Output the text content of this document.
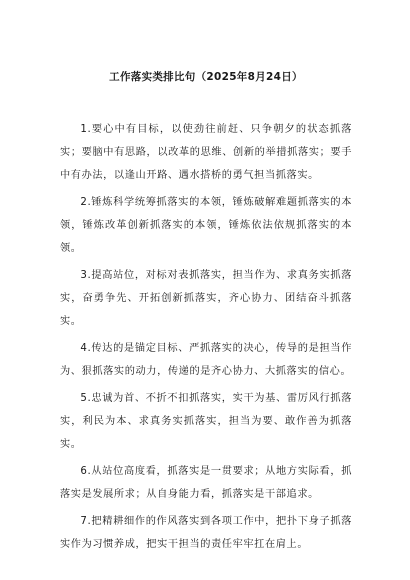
工作落实类排比句（2025年8月24日）

1.要心中有目标，以使劲往前赶、只争朝夕的状态抓落实；要脑中有思路，以改革的思维、创新的举措抓落实；要手中有办法，以逢山开路、遇水搭桥的勇气担当抓落实。

2.锤炼科学统筹抓落实的本领，锤炼破解难题抓落实的本领，锤炼改革创新抓落实的本领，锤炼依法依规抓落实的本领。

3.提高站位，对标对表抓落实，担当作为、求真务实抓落实，奋勇争先、开拓创新抓落实，齐心协力、团结奋斗抓落实。

4.传达的是锚定目标、严抓落实的决心，传导的是担当作为、狠抓落实的动力，传递的是齐心协力、大抓落实的信心。

5.忠诚为首、不折不扣抓落实，实干为基、雷厉风行抓落实，利民为本、求真务实抓落实，担当为要、敢作善为抓落实。

6.从站位高度看，抓落实是一贯要求；从地方实际看，抓落实是发展所求；从自身能力看，抓落实是干部追求。

7.把精耕细作的作风落实到各项工作中，把扑下身子抓落实作为习惯养成，把实干担当的责任牢牢扛在肩上。
